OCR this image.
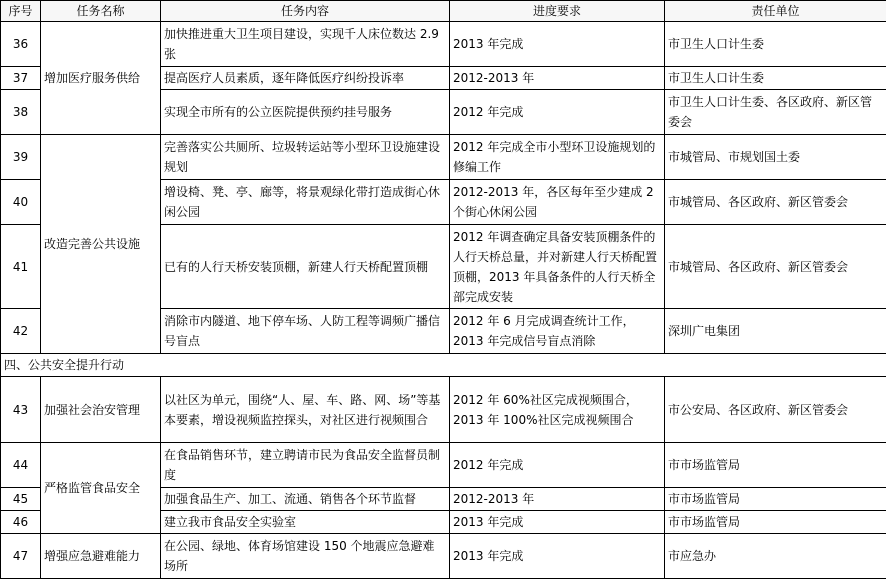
序号	任务名称	任务内容	进度要求	责任单位
36	增加医疗服务供给	加快推进重大卫生项目建设，实现千人床位数达 2.9 张	2013 年完成	市卫生人口计生委
37		提高医疗人员素质，逐年降低医疗纠纷投诉率	2012-2013 年	市卫生人口计生委
38		实现全市所有的公立医院提供预约挂号服务	2012 年完成	市卫生人口计生委、各区政府、新区管委会
39	改造完善公共设施	完善落实公共厕所、垃圾转运站等小型环卫设施建设规划	2012 年完成全市小型环卫设施规划的修编工作	市城管局、市规划国土委
40		增设椅、凳、亭、廊等，将景观绿化带打造成街心休闲公园	2012-2013 年，各区每年至少建成 2 个街心休闲公园	市城管局、各区政府、新区管委会
41		已有的人行天桥安装顶棚，新建人行天桥配置顶棚	2012 年调查确定具备安装顶棚条件的人行天桥总量，并对新建人行天桥配置顶棚，2013 年具备条件的人行天桥全部完成安装	市城管局、各区政府、新区管委会
42		消除市内隧道、地下停车场、人防工程等调频广播信号盲点	2012 年 6 月完成调查统计工作，2013 年完成信号盲点消除	深圳广电集团
四、公共安全提升行动				
43	加强社会治安管理	以社区为单元，围绕“人、屋、车、路、网、场”等基本要素，增设视频监控探头，对社区进行视频围合	2012 年 60%社区完成视频围合，2013 年 100%社区完成视频围合	市公安局、各区政府、新区管委会
44	严格监管食品安全	在食品销售环节，建立聘请市民为食品安全监督员制度	2012 年完成	市市场监管局
45		加强食品生产、加工、流通、销售各个环节监督	2012-2013 年	市市场监管局
46		建立我市食品安全实验室	2013 年完成	市市场监管局
47	增强应急避难能力	在公园、绿地、体育场馆建设 150 个地震应急避难场所	2013 年完成	市应急办
